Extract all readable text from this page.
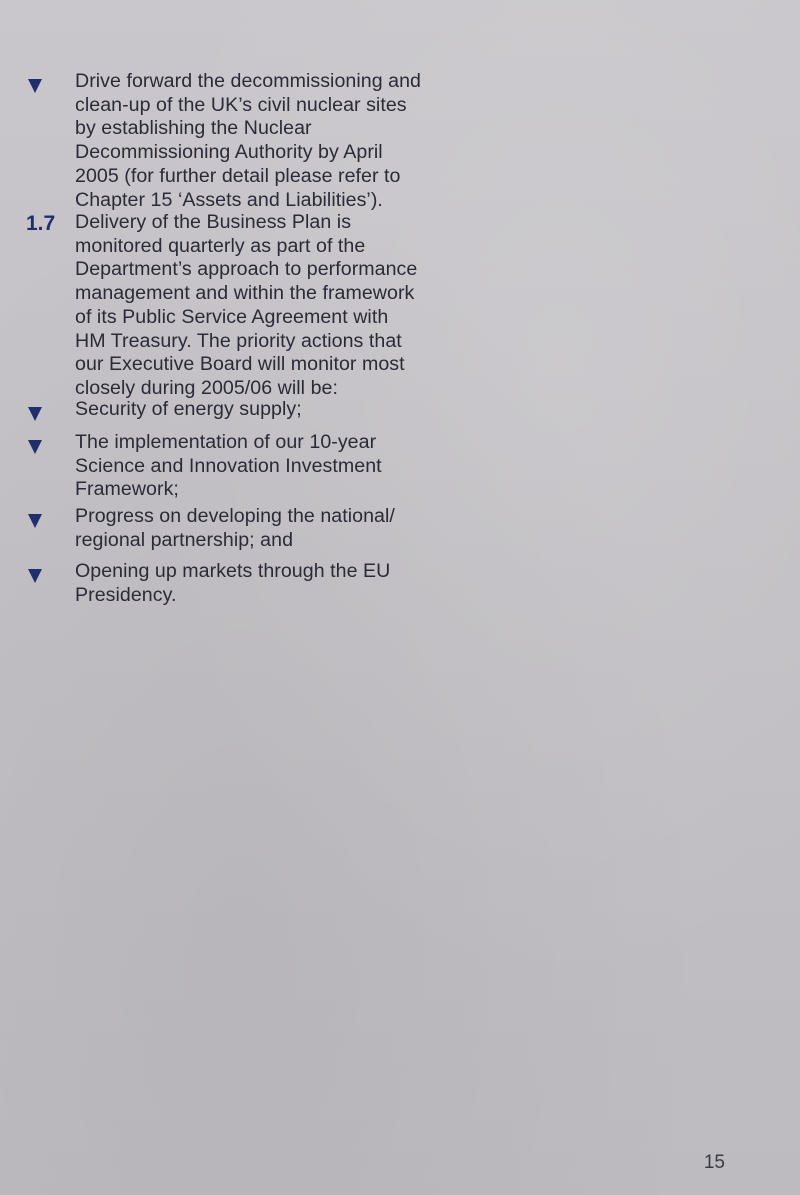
Drive forward the decommissioning and
clean-up of the UK’s civil nuclear sites
by establishing the Nuclear
Decommissioning Authority by April
2005 (for further detail please refer to
Chapter 15 ‘Assets and Liabilities’).
1.7 Delivery of the Business Plan is
monitored quarterly as part of the
Department’s approach to performance
management and within the framework
of its Public Service Agreement with
HM Treasury. The priority actions that
our Executive Board will monitor most
closely during 2005/06 will be:
Security of energy supply;
The implementation of our 10-year
Science and Innovation Investment
Framework;
Progress on developing the national/
regional partnership; and
Opening up markets through the EU
Presidency.
15
